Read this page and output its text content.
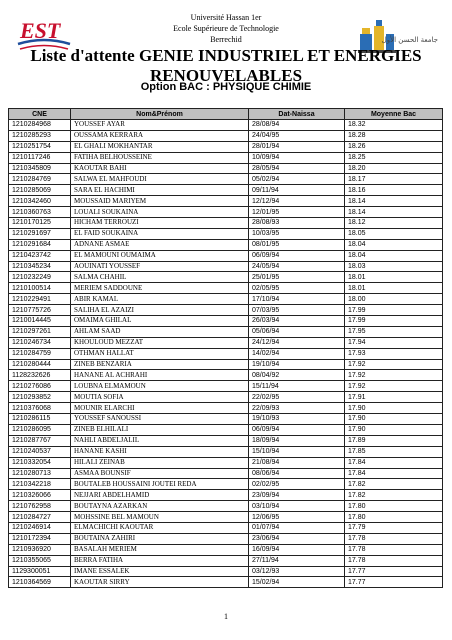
EST	جامعة الحسن الأول
Université Hassan 1er
Ecole Supérieure de Technologie
Berrechid
Liste d'attente GENIE INDUSTRIEL ET ENERGIES
RENOUVELABLES
Option BAC : PHYSIQUE CHIMIE
CNE	Nom&Prénom	Dat-Naissa	Moyenne Bac
1210284968	YOUSSEF AYAR	28/08/94	18.32
1210285293	OUSSAMA KERRARA	24/04/95	18.28
1210251754	EL GHALI MOKHANTAR	28/01/94	18.26
1210117246	FATIHA BELHOUSSEINE	10/09/94	18.25
1210345809	KAOUTAR BAHI	28/05/94	18.20
1210284769	SALWA EL MAHFOUDI	05/02/94	18.17
1210285069	SARA EL HACHIMI	09/11/94	18.16
1210342460	MOUSSAID MARIYEM	12/12/94	18.14
1210360763	LOUALI SOUKAINA	12/01/95	18.14
1210170125	HICHAM TERROUZI	28/08/93	18.12
1210291697	EL FAID SOUKAINA	10/03/95	18.05
1210291684	ADNANE ASMAE	08/01/95	18.04
1210423742	EL MAMOUNI OUMAIMA	06/09/94	18.04
1210345234	AOUINATI YOUSSEF	24/05/94	18.03
1210232249	SALMA CHAHIL	25/01/95	18.01
1210100514	MERIEM SADDOUNE	02/05/95	18.01
1210229491	ABIR KAMAL	17/10/94	18.00
1210775726	SALIHA EL AZAIZI	07/03/95	17.99
1210014445	OMAIMA GHILAL	26/03/94	17.99
1210297261	AHLAM SAAD	05/06/94	17.95
1210246734	KHOULOUD MEZZAT	24/12/94	17.94
1210284759	OTHMAN HALLAT	14/02/94	17.93
1210280444	ZINEB BENZARIA	19/10/94	17.92
1128232626	HANANE AL ACHRAHI	08/04/92	17.92
1210276086	LOUBNA ELMAMOUN	15/11/94	17.92
1210293852	MOUTIA SOFIA	22/02/95	17.91
1210376068	MOUNIR ELARCHI	22/09/93	17.90
1210286115	YOUSSEF SANOUSSI	19/10/93	17.90
1210286095	ZINEB ELHILALI	06/09/94	17.90
1210287767	NAHLI ABDELJALIL	18/09/94	17.89
1210240537	HANANE KASHI	15/10/94	17.85
1210332054	HILALI ZEINAB	21/08/94	17.84
1210280713	ASMAA BOUNSIF	08/06/94	17.84
1210342218	BOUTALEB HOUSSAINI JOUTEI REDA	02/02/95	17.82
1210326066	NEJJARI ABDELHAMID	23/09/94	17.82
1210762958	BOUTAYNA AZARKAN	03/10/94	17.80
1210284727	MOHSSINE BEL MAMOUN	12/06/95	17.80
1210246914	ELMACHICHI KAOUTAR	01/07/94	17.79
1210172394	BOUTAINA ZAHIRI	23/06/94	17.78
1210936920	BASALAH MERIEM	16/09/94	17.78
1210355065	BERRA FATIHA	27/11/94	17.78
1129300051	IMANE ESSALEK	03/12/93	17.77
1210364569	KAOUTAR SIRRY	15/02/94	17.77
1
